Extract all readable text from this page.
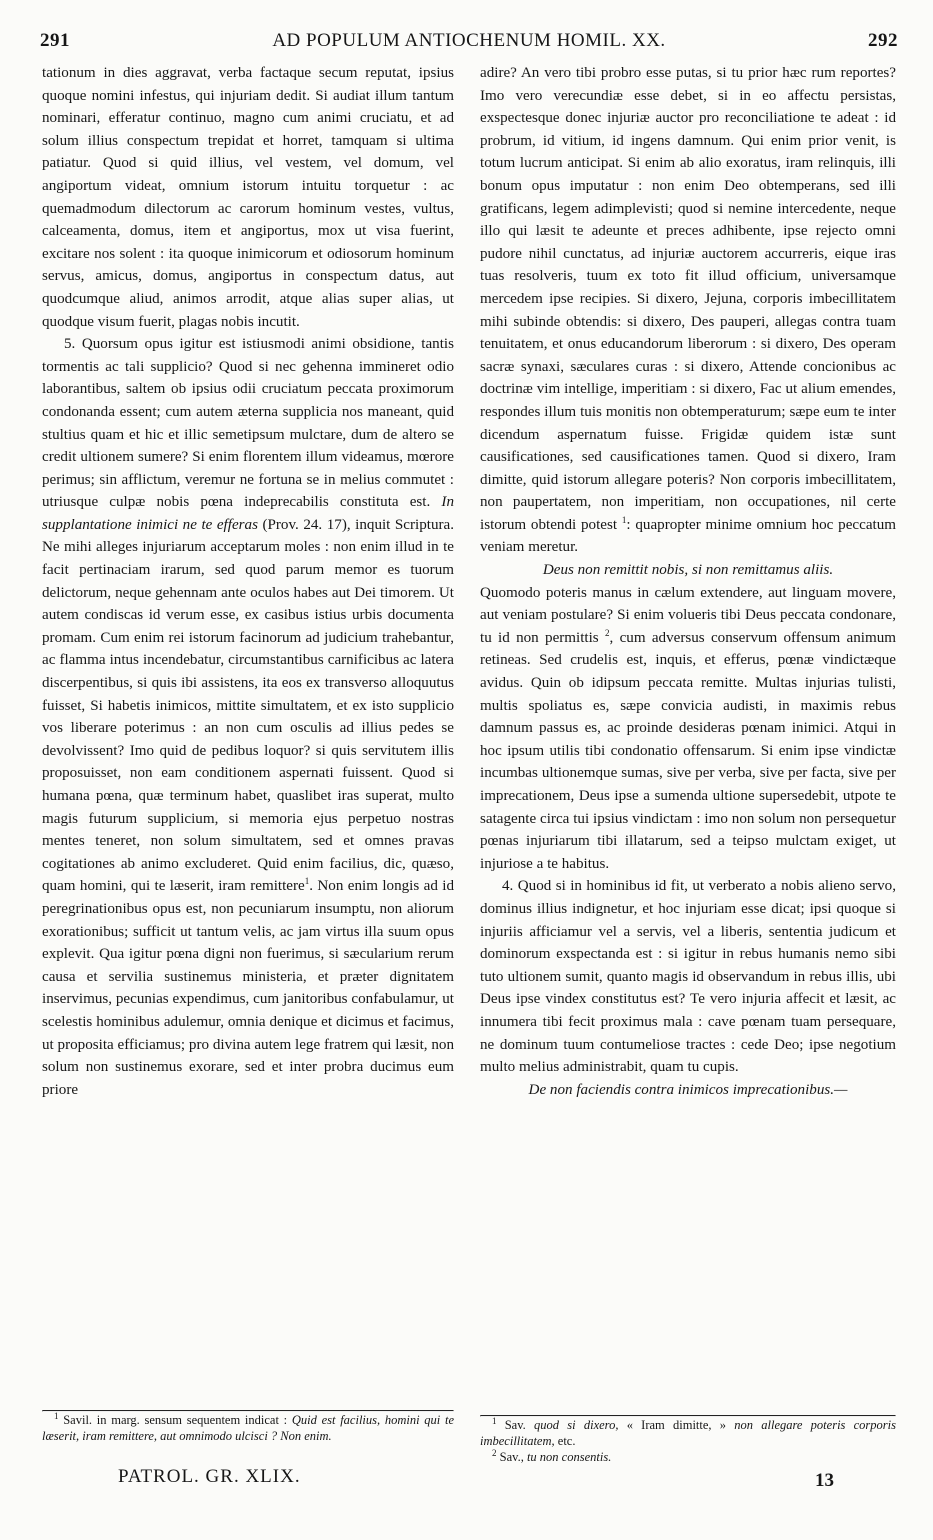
291	AD POPULUM ANTIOCHENUM HOMIL. XX.	292

tationum in dies aggravat, verba factaque secum reputat, ipsius quoque nomini infestus, qui injuriam dedit. Si audiat illum tantum nominari, efferatur continuo, magno cum animi cruciatu, et ad solum illius conspectum trepidat et horret, tamquam si ultima patiatur. Quod si quid illius, vel vestem, vel domum, vel angiportum videat, omnium istorum intuitu torquetur : ac quemadmodum dilectorum ac carorum hominum vestes, vultus, calceamenta, domus, item et angiportus, mox ut visa fuerint, excitare nos solent : ita quoque inimicorum et odiosorum hominum servus, amicus, domus, angiportus in conspectum datus, aut quodcumque aliud, animos arrodit, atque alias super alias, ut quodque visum fuerit, plagas nobis incutit.

5. Quorsum opus igitur est istiusmodi animi obsidione, tantis tormentis ac tali supplicio? Quod si nec gehenna immineret odio laborantibus, saltem ob ipsius odii cruciatum peccata proximorum condonanda essent; cum autem æterna supplicia nos maneant, quid stultius quam et hic et illic semetipsum mulctare, dum de altero se credit ultionem sumere? Si enim florentem illum videamus, mœrore perimus; sin afflictum, veremur ne fortuna se in melius commutet : utriusque culpæ nobis pœna indeprecabilis constituta est. In supplantatione inimici ne te efferas (Prov. 24. 17), inquit Scriptura. Ne mihi alleges injuriarum acceptarum moles : non enim illud in te facit pertinaciam irarum, sed quod parum memor es tuorum delictorum, neque gehennam ante oculos habes aut Dei timorem. Ut autem condiscas id verum esse, ex casibus istius urbis documenta promam. Cum enim rei istorum facinorum ad judicium trahebantur, ac flamma intus incendebatur, circumstantibus carnificibus ac latera discerpentibus, si quis ibi assistens, ita eos ex transverso alloquutus fuisset, Si habetis inimicos, mittite simultatem, et ex isto supplicio vos liberare poterimus : an non cum osculis ad illius pedes se devolvissent? Imo quid de pedibus loquor? si quis servitutem illis proposuisset, non eam conditionem aspernati fuissent. Quod si humana pœna, quæ terminum habet, quaslibet iras superat, multo magis futurum supplicium, si memoria ejus perpetuo nostras mentes teneret, non solum simultatem, sed et omnes pravas cogitationes ab animo excluderet. Quid enim facilius, dic, quæso, quam homini, qui te læserit, iram remittere$^1$. Non enim longis ad id peregrinationibus opus est, non pecuniarum insumptu, non aliorum exorationibus; sufficit ut tantum velis, ac jam virtus illa suum opus explevit. Qua igitur pœna digni non fuerimus, si sæcularium rerum causa et servilia sustinemus ministeria, et præter dignitatem inservimus, pecunias expendimus, cum janitoribus confabulamur, ut scelestis hominibus adulemur, omnia denique et dicimus et facimus, ut proposita efficiamus; pro divina autem lege fratrem qui læsit, non solum non sustinemus exorare, sed et inter probra ducimus eum priore

adire? An vero tibi probro esse putas, si tu prior hæc rum reportes? Imo vero verecundiæ esse debet, si in eo affectu persistas, exspectesque donec injuriæ auctor pro reconciliatione te adeat : id probrum, id vitium, id ingens damnum. Qui enim prior venit, is totum lucrum anticipat. Si enim ab alio exoratus, iram relinquis, illi bonum opus imputatur : non enim Deo obtemperans, sed illi gratificans, legem adimplevisti; quod si nemine intercedente, neque illo qui læsit te adeunte et preces adhibente, ipse rejecto omni pudore nihil cunctatus, ad injuriæ auctorem accurreris, eique iras tuas resolveris, tuum ex toto fit illud officium, universamque mercedem ipse recipies. Si dixero, Jejuna, corporis imbecillitatem mihi subinde obtendis: si dixero, Des pauperi, allegas contra tuam tenuitatem, et onus educandorum liberorum : si dixero, Des operam sacræ synaxi, sæculares curas : si dixero, Attende concionibus ac doctrinæ vim intellige, imperitiam : si dixero, Fac ut alium emendes, respondes illum tuis monitis non obtemperaturum; sæpe eum te inter dicendum aspernatum fuisse. Frigidæ quidem istæ sunt causificationes, sed causificationes tamen. Quod si dixero, Iram dimitte, quid istorum allegare poteris? Non corporis imbecillitatem, non paupertatem, non imperitiam, non occupationes, nil certe istorum obtendi potest $^1$: quapropter minime omnium hoc peccatum veniam meretur.

Deus non remittit nobis, si non remittamus aliis.

Quomodo poteris manus in cælum extendere, aut linguam movere, aut veniam postulare? Si enim volueris tibi Deus peccata condonare, tu id non permittis $^2$, cum adversus conservum offensum animum retineas. Sed crudelis est, inquis, et efferus, pœnæ vindictæque avidus. Quin ob idipsum peccata remitte. Multas injurias tulisti, multis spoliatus es, sæpe convicia audisti, in maximis rebus damnum passus es, ac proinde desideras pœnam inimici. Atqui in hoc ipsum utilis tibi condonatio offensarum. Si enim ipse vindictæ incumbas ultionemque sumas, sive per verba, sive per facta, sive per imprecationem, Deus ipse a sumenda ultione supersedebit, utpote te satagente circa tui ipsius vindictam : imo non solum non persequetur pœnas injuriarum tibi illatarum, sed a teipso mulctam exiget, ut injuriose a te habitus.

4. Quod si in hominibus id fit, ut verberato a nobis alieno servo, dominus illius indignetur, et hoc injuriam esse dicat; ipsi quoque si injuriis afficiamur vel a servis, vel a liberis, sententia judicum et dominorum exspectanda est : si igitur in rebus humanis nemo sibi tuto ultionem sumit, quanto magis id observandum in rebus illis, ubi Deus ipse vindex constitutus est? Te vero injuria affecit et læsit, ac innumera tibi fecit proximus mala : cave pœnam tuam persequare, ne dominum tuum contumeliose tractes : cede Deo; ipse negotium multo melius administrabit, quam tu cupis.

De non faciendis contra inimicos imprecationibus.—

$^1$ Savil. in marg. sensum sequentem indicat : Quid est facilius, homini qui te læserit, iram remittere, aut omnimodo ulcisci ? Non enim.

$^1$ Sav. quod si dixero, « Iram dimitte, » non allegare poteris corporis imbecillitatem, etc.

$^2$ Sav., tu non consentis.

PATROL. GR. XLIX.	13
